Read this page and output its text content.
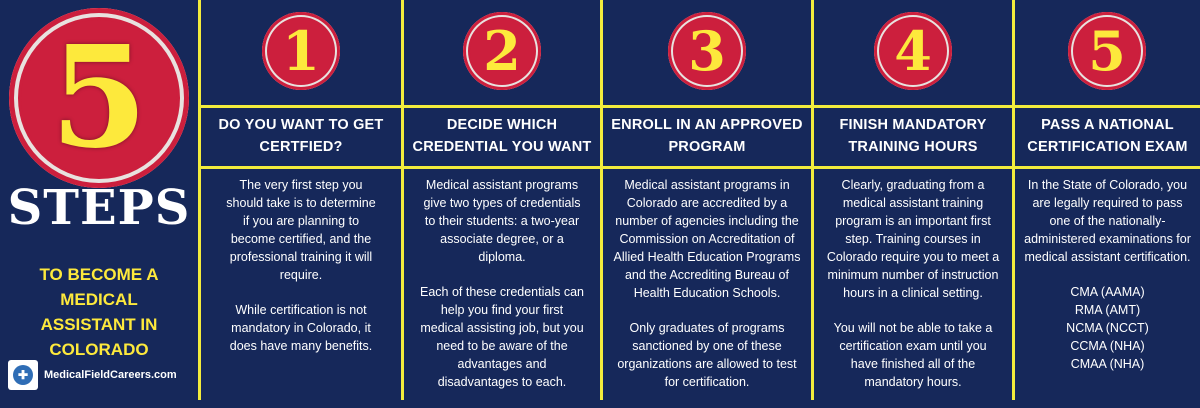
5
STEPS
TO BECOME A MEDICAL ASSISTANT IN COLORADO
✚	MedicalFieldCareers.com
1
DO YOU WANT TO GET CERTFIED?

The very first step you should take is to determine if you are planning to become certified, and the professional training it will require.

While certification is not mandatory in Colorado, it does have many benefits.

2
DECIDE WHICH CREDENTIAL YOU WANT

Medical assistant programs give two types of credentials to their students: a two-year associate degree, or a diploma.

Each of these credentials can help you find your first medical assisting job, but you need to be aware of the advantages and disadvantages to each.

3
ENROLL IN AN APPROVED PROGRAM

Medical assistant programs in Colorado are accredited by a number of agencies including the Commission on Accreditation of Allied Health Education Programs and the Accrediting Bureau of Health Education Schools.

Only graduates of programs sanctioned by one of these organizations are allowed to test for certification.

4
FINISH MANDATORY TRAINING HOURS

Clearly, graduating from a medical assistant training program is an important first step. Training courses in Colorado require you to meet a minimum number of instruction hours in a clinical setting.

You will not be able to take a certification exam until you have finished all of the mandatory hours.

5
PASS A NATIONAL CERTIFICATION EXAM

In the State of Colorado, you are legally required to pass one of the nationally-administered examinations for medical assistant certification.

CMA (AAMA)
RMA (AMT)
NCMA (NCCT)
CCMA (NHA)
CMAA (NHA)
